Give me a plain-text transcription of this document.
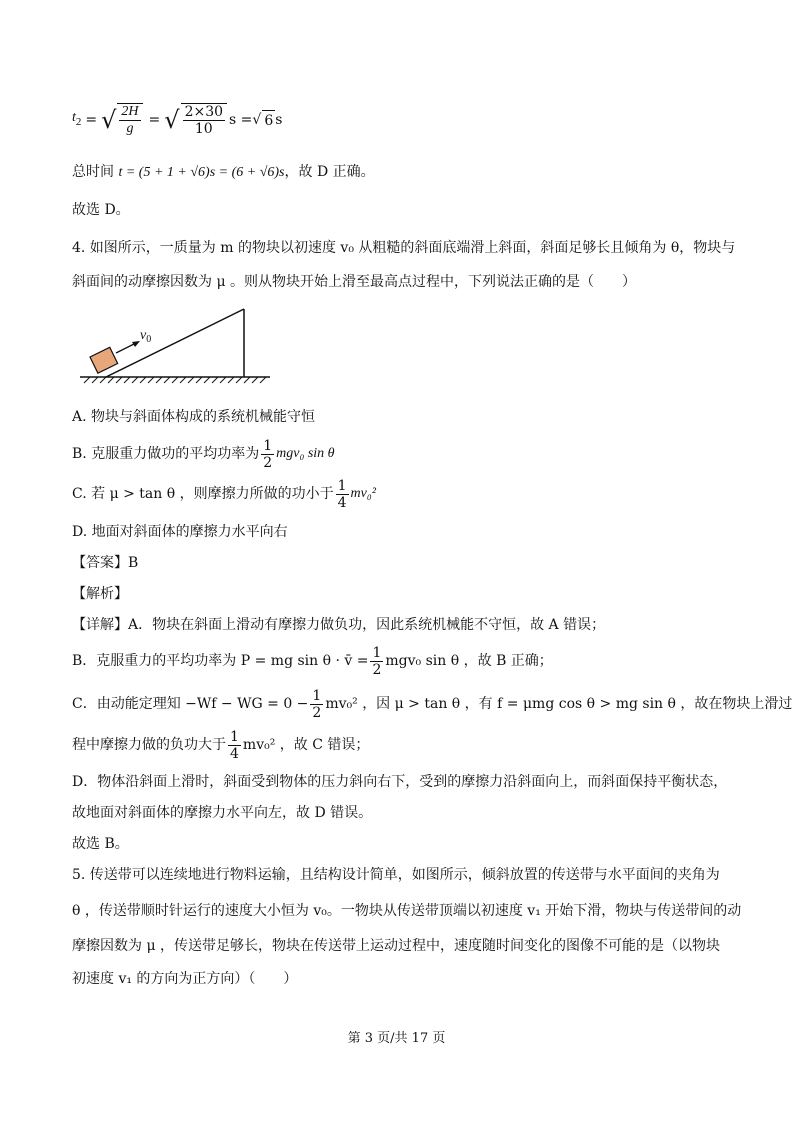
$t_2$ = √ $\frac{2H}{g}$ = √ $\frac{2\times 30}{10}$ s = √ 6 s
总时间 t = (5 + 1 + √6)s = (6 + √6)s，故 D 正确。
故选 D。
4. 如图所示，一质量为 m 的物块以初速度 v₀ 从粗糙的斜面底端滑上斜面，斜面足够长且倾角为 θ，物块与
斜面间的动摩擦因数为 μ 。则从物块开始上滑至最高点过程中，下列说法正确的是（　　）
$v_0$
A. 物块与斜面体构成的系统机械能守恒
B. 克服重力做功的平均功率为 $\frac{1}{2} mgv_0$ sin θ
C. 若 μ > tan θ ，则摩擦力所做的功小于 $\frac{1}{4} mv_0^2$
D. 地面对斜面体的摩擦力水平向右
【答案】B
【解析】
【详解】A．物块在斜面上滑动有摩擦力做负功，因此系统机械能不守恒，故 A 错误；
B．克服重力的平均功率为 P = mg sin θ · v̄ = $\frac{1}{2} mgv_0$ sin θ ，故 B 正确；
C．由动能定理知 −W f − W $G = 0 - \frac{1}{2} mv_0^2$ ，因 μ > tan θ ，有 f = μmg cos θ > mg sin θ ，故在物块上滑过
程中摩擦力做的负功大于 $\frac{1}{4} mv_0^2$ ，故 C 错误；
D．物体沿斜面上滑时，斜面受到物体的压力斜向右下，受到的摩擦力沿斜面向上，而斜面保持平衡状态，
故地面对斜面体的摩擦力水平向左，故 D 错误。
故选 B。
5. 传送带可以连续地进行物料运输，且结构设计简单，如图所示，倾斜放置的传送带与水平面间的夹角为
θ ，传送带顺时针运行的速度大小恒为 v₀。一物块从传送带顶端以初速度 v₁ 开始下滑，物块与传送带间的动
摩擦因数为 μ ，传送带足够长，物块在传送带上运动过程中，速度随时间变化的图像不可能的是（以物块
初速度 v₁ 的方向为正方向）（　　）
第 3 页/共 17 页
